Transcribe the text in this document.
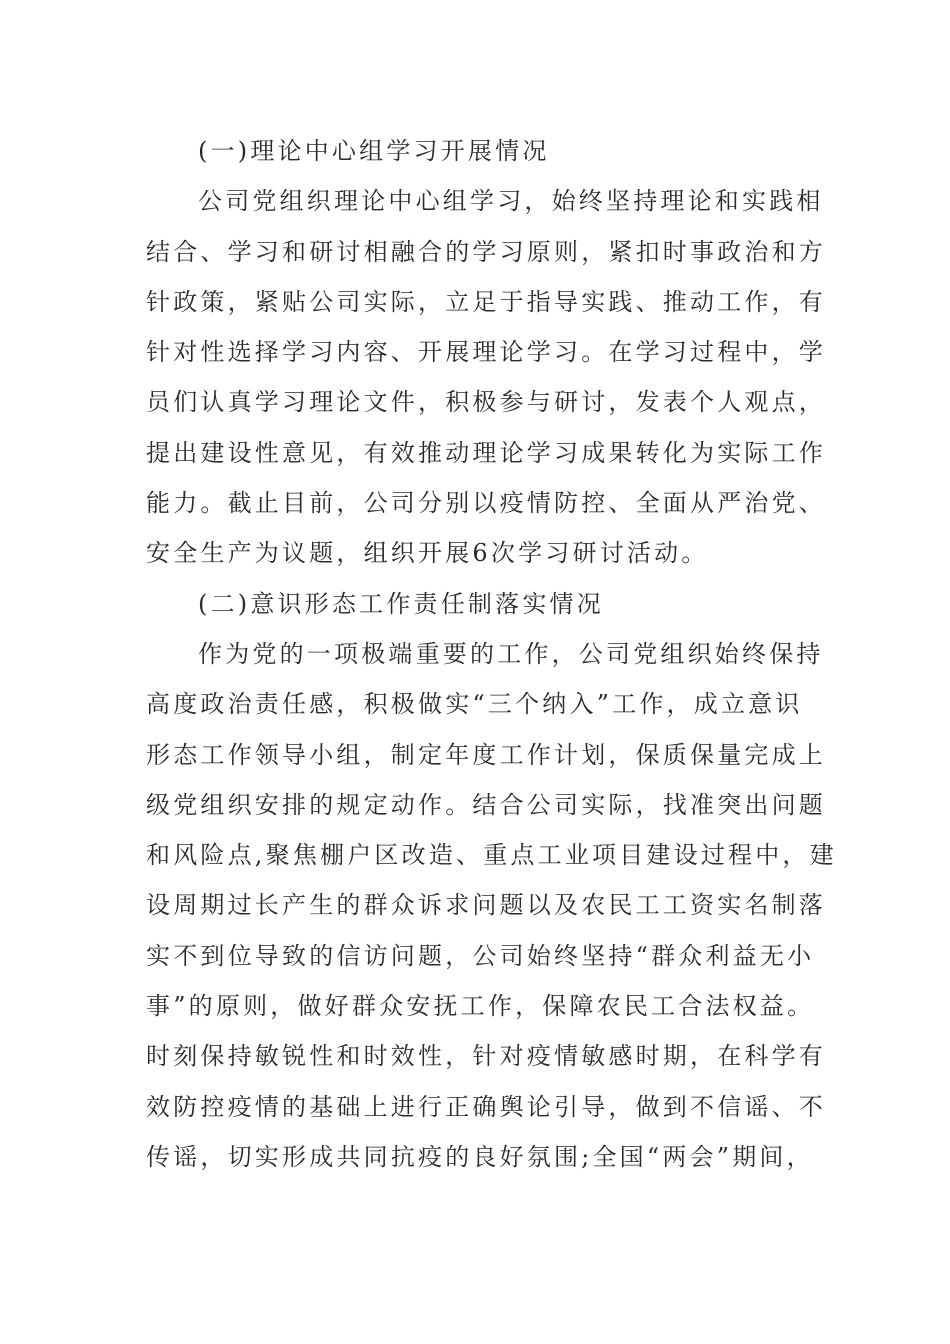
(一)理论中心组学习开展情况
公司党组织理论中心组学习，始终坚持理论和实践相
结合、学习和研讨相融合的学习原则，紧扣时事政治和方
针政策，紧贴公司实际，立足于指导实践、推动工作，有
针对性选择学习内容、开展理论学习。在学习过程中，学
员们认真学习理论文件，积极参与研讨，发表个人观点，
提出建设性意见，有效推动理论学习成果转化为实际工作
能力。截止目前，公司分别以疫情防控、全面从严治党、
安全生产为议题，组织开展6次学习研讨活动。
(二)意识形态工作责任制落实情况
作为党的一项极端重要的工作，公司党组织始终保持
高度政治责任感，积极做实“三个纳入”工作，成立意识
形态工作领导小组，制定年度工作计划，保质保量完成上
级党组织安排的规定动作。结合公司实际，找准突出问题
和风险点,聚焦棚户区改造、重点工业项目建设过程中，建
设周期过长产生的群众诉求问题以及农民工工资实名制落
实不到位导致的信访问题，公司始终坚持“群众利益无小
事”的原则，做好群众安抚工作，保障农民工合法权益。
时刻保持敏锐性和时效性，针对疫情敏感时期，在科学有
效防控疫情的基础上进行正确舆论引导，做到不信谣、不
传谣，切实形成共同抗疫的良好氛围;全国“两会”期间，
